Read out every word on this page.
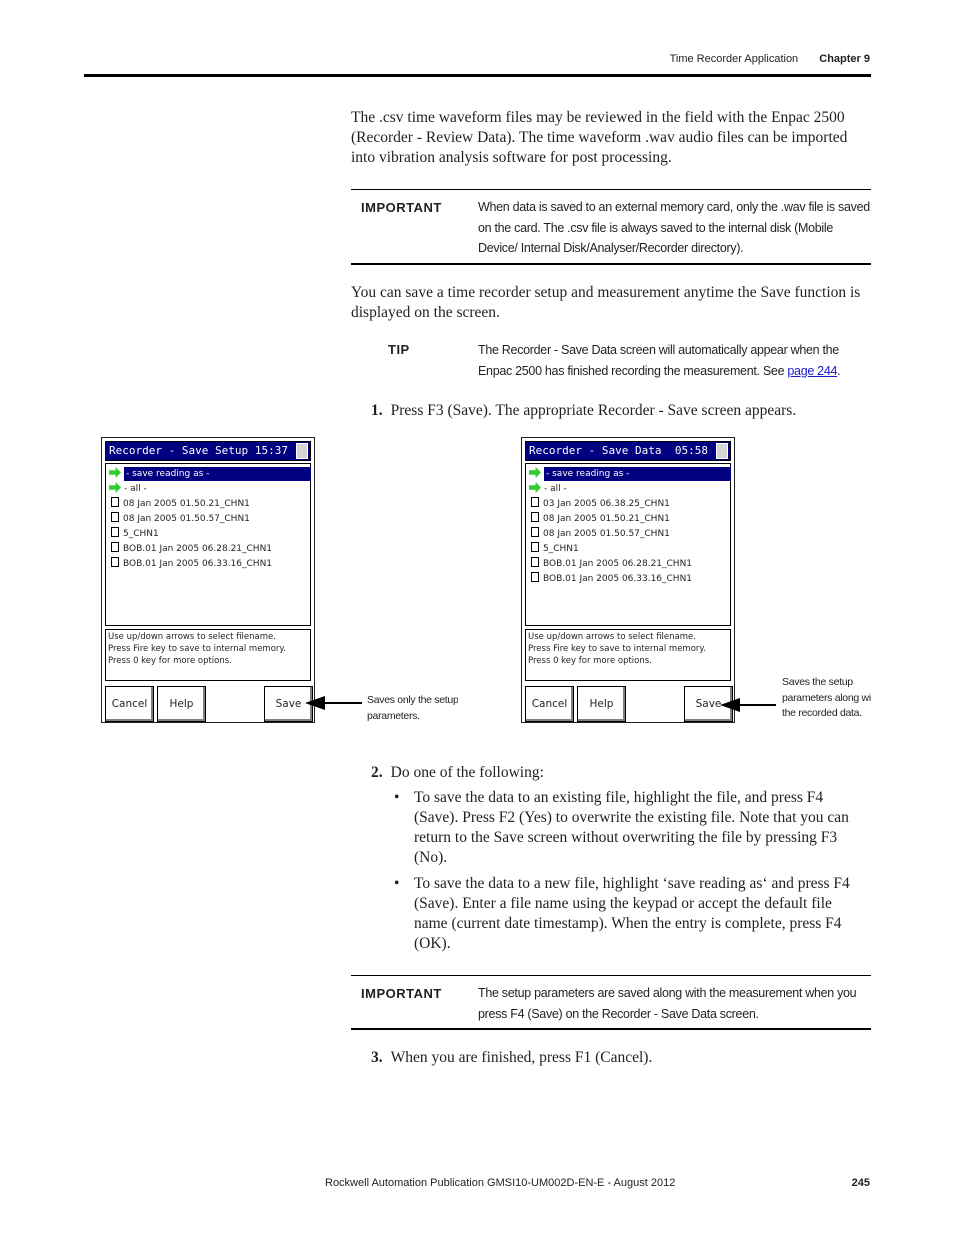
Time Recorder Application Chapter 9
The .csv time waveform files may be reviewed in the field with the Enpac 2500 (Recorder - Review Data). The time waveform .wav audio files can be imported into vibration analysis software for post processing.
IMPORTANT	When data is saved to an external memory card, only the .wav file is saved on the card. The .csv file is always saved to the internal disk (Mobile Device/ Internal Disk/Analyser/Recorder directory).
You can save a time recorder setup and measurement anytime the Save function is displayed on the screen.
TIP	The Recorder - Save Data screen will automatically appear when the Enpac 2500 has finished recording the measurement. See page 244.
1. Press F3 (Save). The appropriate Recorder - Save screen appears.
Recorder - Save Setup 15:37
- save reading as -
- all -
08 Jan 2005 01.50.21_CHN1
08 Jan 2005 01.50.57_CHN1
5_CHN1
BOB.01 Jan 2005 06.28.21_CHN1
BOB.01 Jan 2005 06.33.16_CHN1
Use up/down arrows to select filename.
Press Fire key to save to internal memory.
Press 0 key for more options.
Cancel	Help	Save	Saves only the setup
parameters.
Recorder - Save Data 05:58
- save reading as -
- all -
03 Jan 2005 06.38.25_CHN1
08 Jan 2005 01.50.21_CHN1
08 Jan 2005 01.50.57_CHN1
5_CHN1
BOB.01 Jan 2005 06.28.21_CHN1
BOB.01 Jan 2005 06.33.16_CHN1
Use up/down arrows to select filename.
Press Fire key to save to internal memory.
Press 0 key for more options.
Cancel	Help	Save
Saves the setup
parameters along wi
the recorded data.
2. Do one of the following:
• To save the data to an existing file, highlight the file, and press F4 (Save). Press F2 (Yes) to overwrite the existing file. Note that you can return to the Save screen without overwriting the file by pressing F3 (No).
• To save the data to a new file, highlight ‘save reading as‘ and press F4 (Save). Enter a file name using the keypad or accept the default file name (current date timestamp). When the entry is complete, press F4 (OK).
IMPORTANT	The setup parameters are saved along with the measurement when you press F4 (Save) on the Recorder - Save Data screen.
3. When you are finished, press F1 (Cancel).
Rockwell Automation Publication GMSI10-UM002D-EN-E - August 2012	245
